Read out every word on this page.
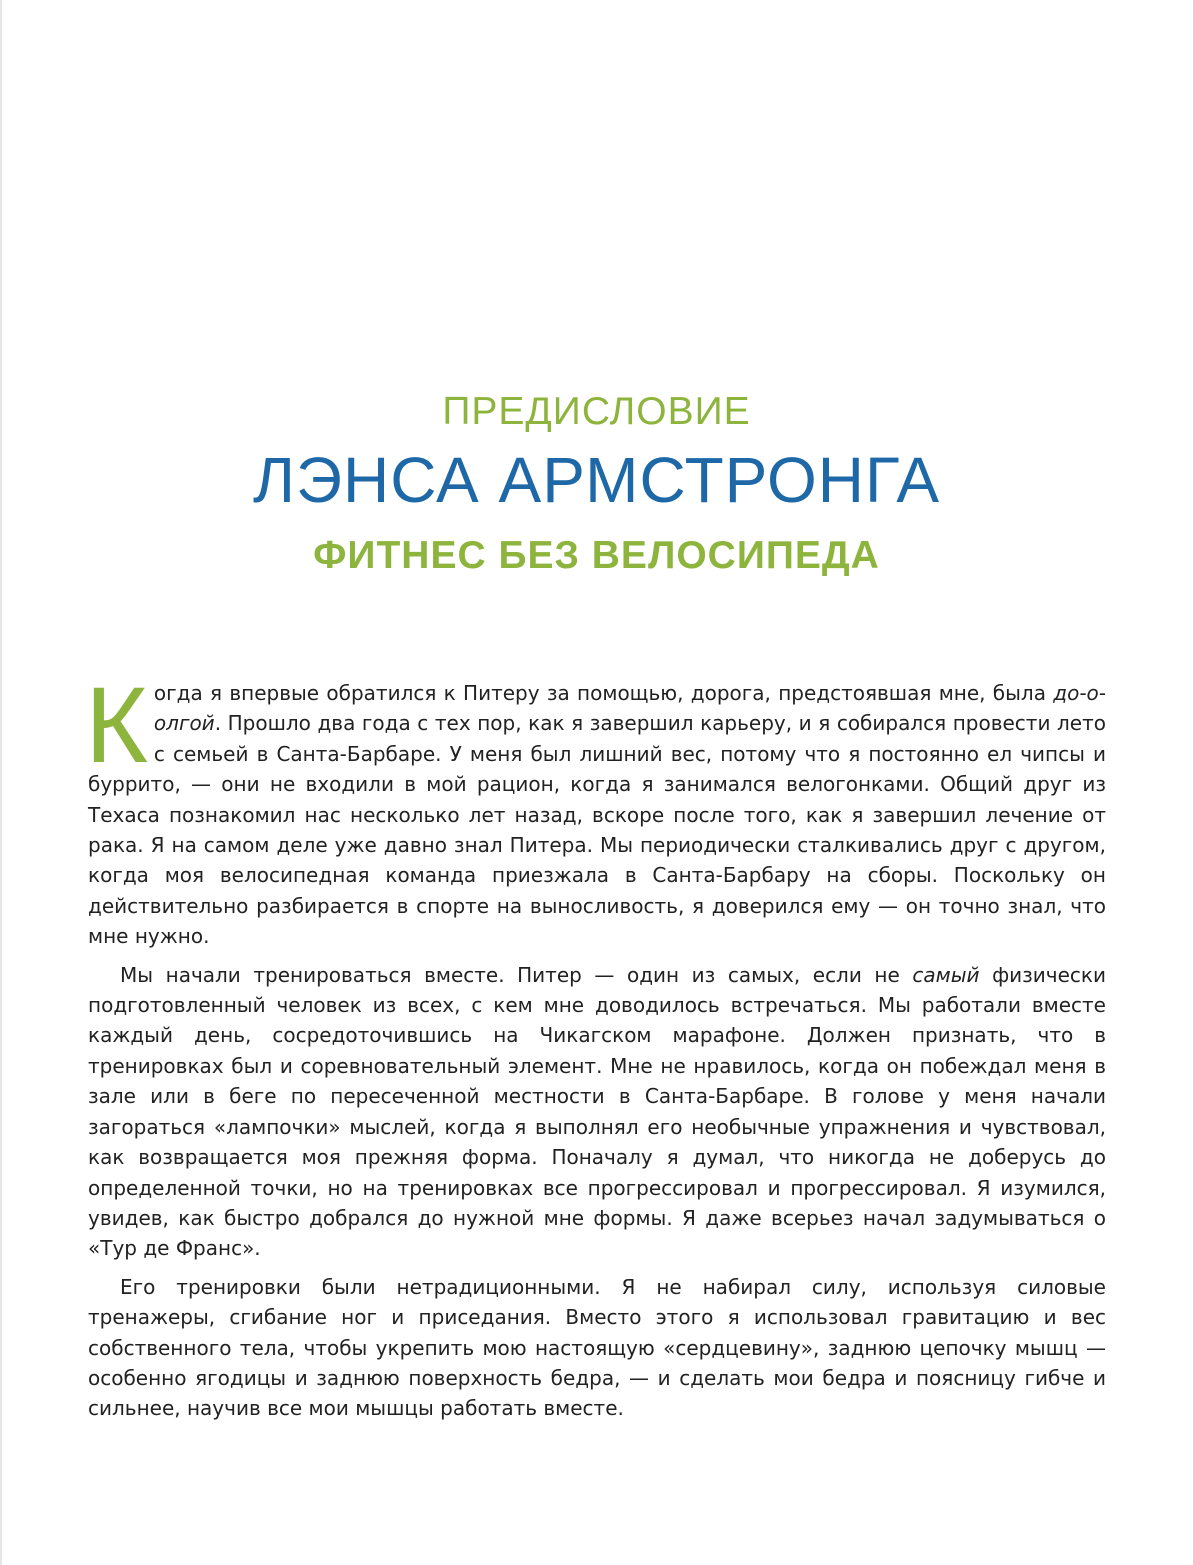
ПРЕДИСЛОВИЕ
ЛЭНСА АРМСТРОНГА
ФИТНЕС БЕЗ ВЕЛОСИПЕДА

Когда я впервые обратился к Питеру за помощью, дорога, предстоявшая мне, была до-о-олгой. Прошло два года с тех пор, как я завершил карьеру, и я собирался провести лето с семьей в Санта-Барбаре. У меня был лишний вес, потому что я постоянно ел чипсы и буррито, — они не входили в мой рацион, когда я занимался велогонками. Общий друг из Техаса познакомил нас несколько лет назад, вскоре после того, как я завершил лечение от рака. Я на самом деле уже давно знал Питера. Мы периодически сталкивались друг с другом, когда моя велосипедная команда приезжала в Санта-Барбару на сборы. Поскольку он действительно разбирается в спорте на выносливость, я доверился ему — он точно знал, что мне нужно.

Мы начали тренироваться вместе. Питер — один из самых, если не самый физически подготовленный человек из всех, с кем мне доводилось встречаться. Мы работали вместе каждый день, сосредоточившись на Чикагском марафоне. Должен признать, что в тренировках был и соревновательный элемент. Мне не нравилось, когда он побеждал меня в зале или в беге по пересеченной местности в Санта-Барбаре. В голове у меня начали загораться «лампочки» мыслей, когда я выполнял его необычные упражнения и чувствовал, как возвращается моя прежняя форма. Поначалу я думал, что никогда не доберусь до определенной точки, но на тренировках все прогрессировал и прогрессировал. Я изумился, увидев, как быстро добрался до нужной мне формы. Я даже всерьез начал задумываться о «Тур де Франс».

Его тренировки были нетрадиционными. Я не набирал силу, используя силовые тренажеры, сгибание ног и приседания. Вместо этого я использовал гравитацию и вес собственного тела, чтобы укрепить мою настоящую «сердцевину», заднюю цепочку мышц — особенно ягодицы и заднюю поверхность бедра, — и сделать мои бедра и поясницу гибче и сильнее, научив все мои мышцы работать вместе.
